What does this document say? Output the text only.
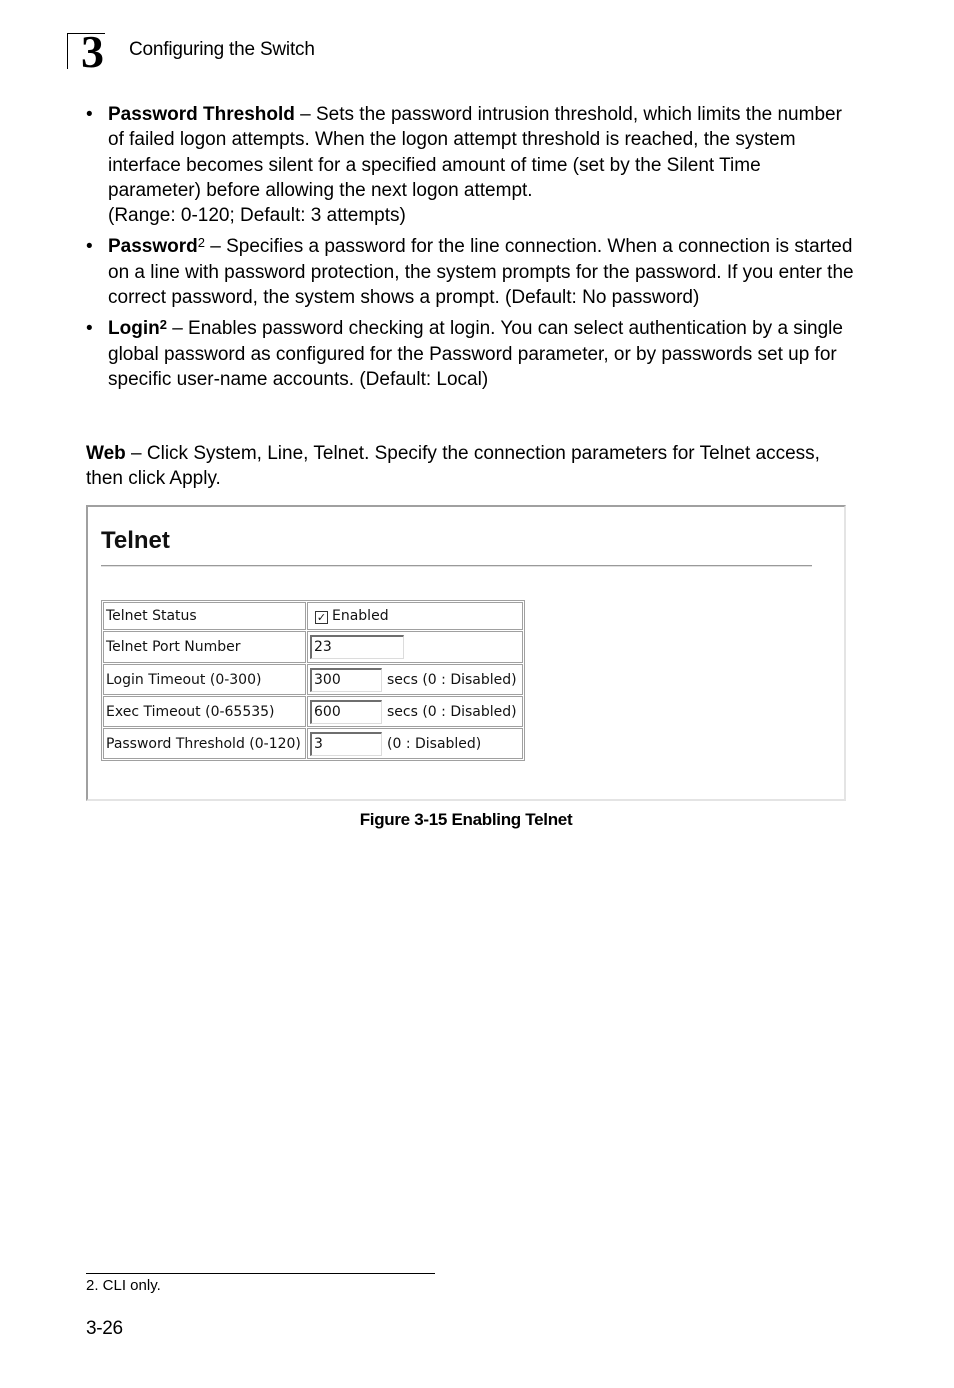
3 Configuring the Switch
• Password Threshold – Sets the password intrusion threshold, which limits the number of failed logon attempts. When the logon attempt threshold is reached, the system interface becomes silent for a specified amount of time (set by the Silent Time parameter) before allowing the next logon attempt.
(Range: 0-120; Default: 3 attempts)
• Password$^2$ – Specifies a password for the line connection. When a connection is started on a line with password protection, the system prompts for the password. If you enter the correct password, the system shows a prompt. (Default: No password)
• Login$^2$ – Enables password checking at login. You can select authentication by a single global password as configured for the Password parameter, or by passwords set up for specific user-name accounts. (Default: Local)

Web – Click System, Line, Telnet. Specify the connection parameters for Telnet access, then click Apply.

Telnet
Telnet Status	✓ Enabled
Telnet Port Number	23
Login Timeout (0-300)	300 secs (0 : Disabled)
Exec Timeout (0-65535)	600 secs (0 : Disabled)
Password Threshold (0-120)	3 (0 : Disabled)
Figure 3-15 Enabling Telnet
2. CLI only.
3-26
